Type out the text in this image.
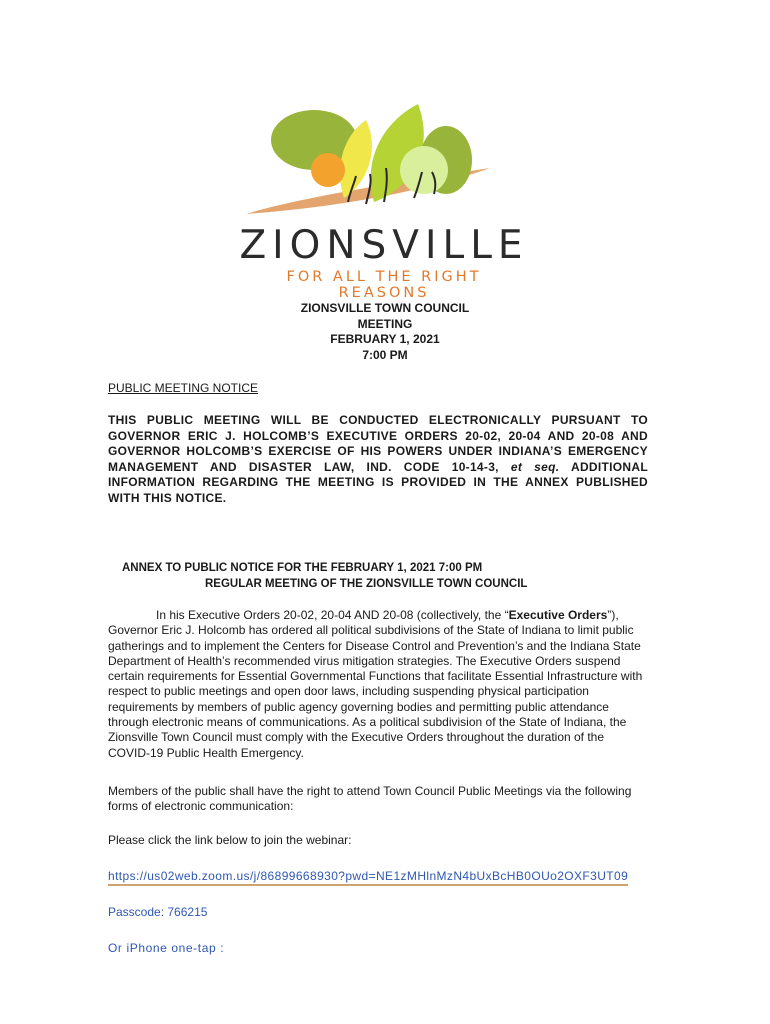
ZIONSVILLE
FOR ALL THE RIGHT REASONS
ZIONSVILLE TOWN COUNCIL
MEETING
FEBRUARY 1, 2021
7:00 PM
PUBLIC MEETING NOTICE
THIS PUBLIC MEETING WILL BE CONDUCTED ELECTRONICALLY PURSUANT TO GOVERNOR ERIC J. HOLCOMB’S EXECUTIVE ORDERS 20-02, 20-04 AND 20-08 AND GOVERNOR HOLCOMB’S EXERCISE OF HIS POWERS UNDER INDIANA’S EMERGENCY MANAGEMENT AND DISASTER LAW, IND. CODE 10-14-3, et seq. ADDITIONAL INFORMATION REGARDING THE MEETING IS PROVIDED IN THE ANNEX PUBLISHED WITH THIS NOTICE.
ANNEX TO PUBLIC NOTICE FOR THE FEBRUARY 1, 2021 7:00 PM
REGULAR MEETING OF THE ZIONSVILLE TOWN COUNCIL
In his Executive Orders 20-02, 20-04 AND 20-08 (collectively, the “Executive Orders”), Governor Eric J. Holcomb has ordered all political subdivisions of the State of Indiana to limit public gatherings and to implement the Centers for Disease Control and Prevention’s and the Indiana State Department of Health’s recommended virus mitigation strategies. The Executive Orders suspend certain requirements for Essential Governmental Functions that facilitate Essential Infrastructure with respect to public meetings and open door laws, including suspending physical participation requirements by members of public agency governing bodies and permitting public attendance through electronic means of communications. As a political subdivision of the State of Indiana, the Zionsville Town Council must comply with the Executive Orders throughout the duration of the COVID-19 Public Health Emergency.
Members of the public shall have the right to attend Town Council Public Meetings via the following forms of electronic communication:
Please click the link below to join the webinar:
https://us02web.zoom.us/j/86899668930?pwd=NE1zMHlnMzN4bUxBcHB0OUo2OXF3UT09
Passcode: 766215
Or iPhone one-tap :
